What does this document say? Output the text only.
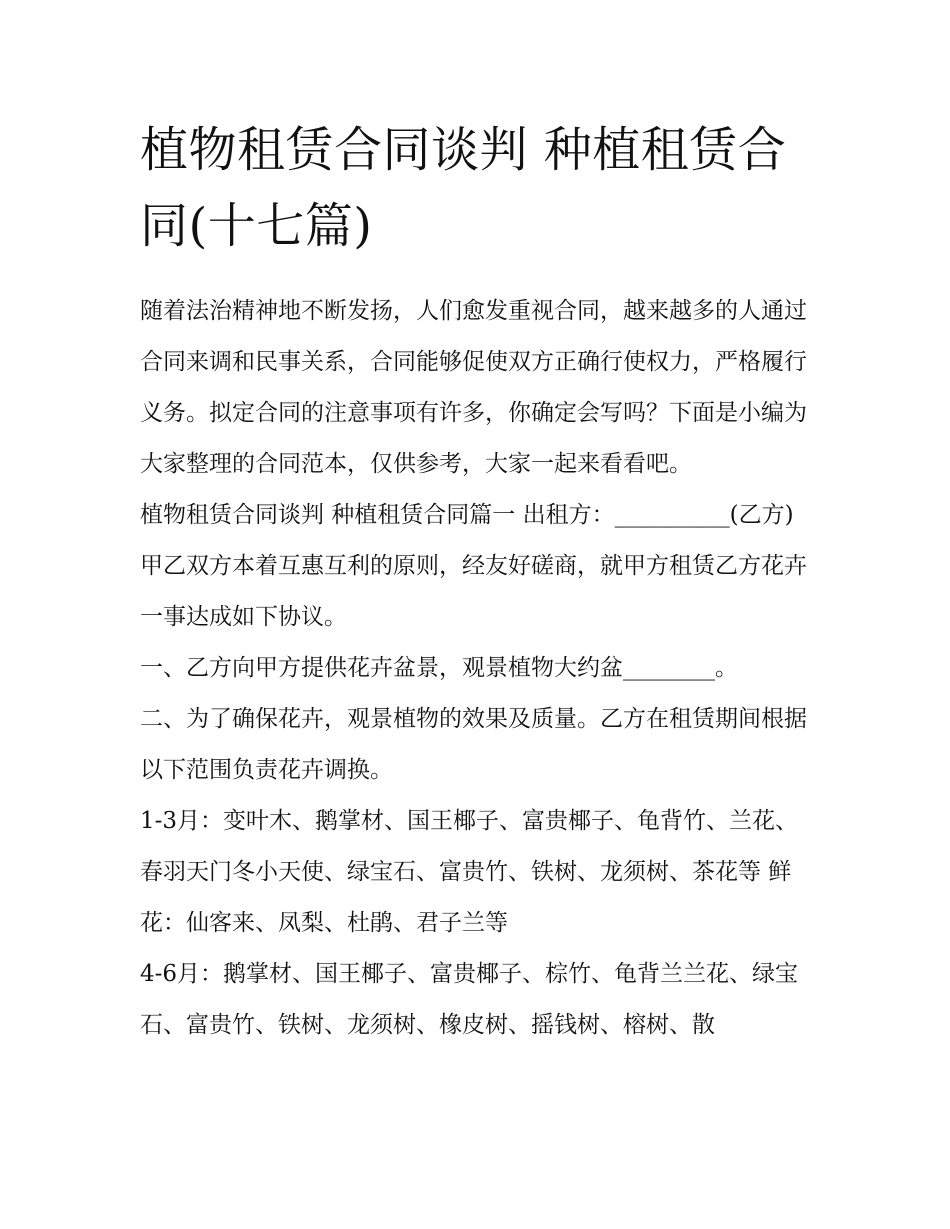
植物租赁合同谈判 种植租赁合同(十七篇)

随着法治精神地不断发扬，人们愈发重视合同，越来越多的人通过合同来调和民事关系，合同能够促使双方正确行使权力，严格履行义务。拟定合同的注意事项有许多，你确定会写吗？下面是小编为大家整理的合同范本，仅供参考，大家一起来看看吧。

植物租赁合同谈判 种植租赁合同篇一 出租方：__________(乙方) 甲乙双方本着互惠互利的原则，经友好磋商，就甲方租赁乙方花卉一事达成如下协议。

一、乙方向甲方提供花卉盆景，观景植物大约盆________。

二、为了确保花卉，观景植物的效果及质量。乙方在租赁期间根据以下范围负责花卉调换。

1-3月：变叶木、鹅掌材、国王椰子、富贵椰子、龟背竹、兰花、春羽天门冬小天使、绿宝石、富贵竹、铁树、龙须树、茶花等 鲜花：仙客来、凤梨、杜鹃、君子兰等

4-6月：鹅掌材、国王椰子、富贵椰子、棕竹、龟背兰兰花、绿宝石、富贵竹、铁树、龙须树、橡皮树、摇钱树、榕树、散
